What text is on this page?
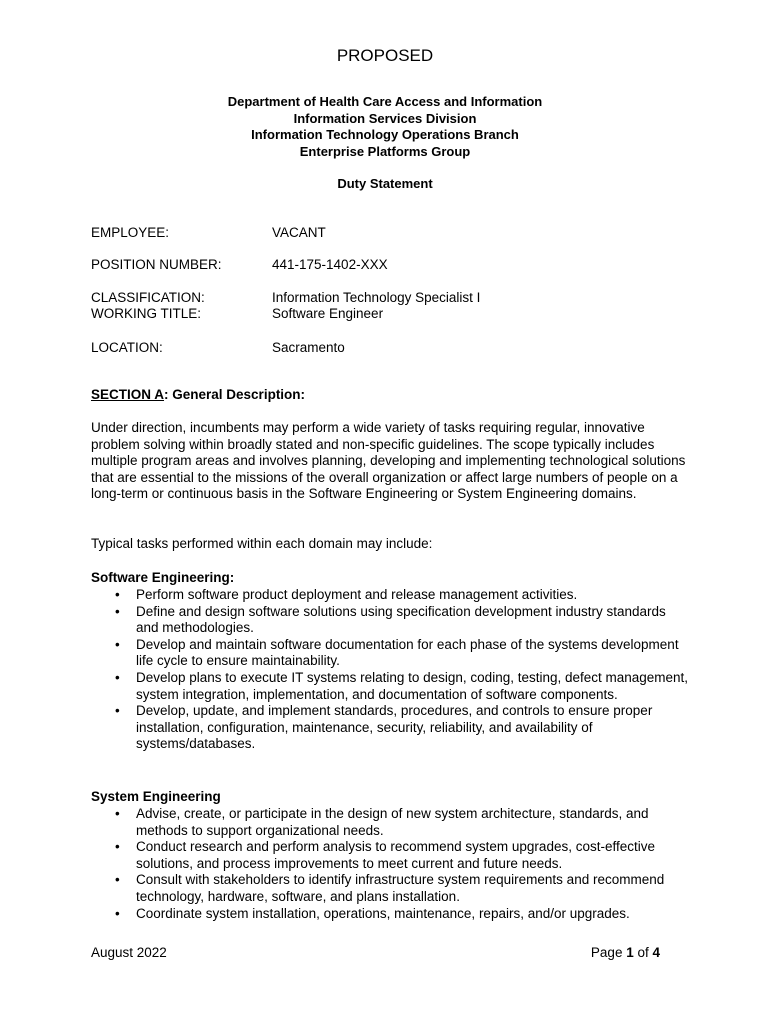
PROPOSED
Department of Health Care Access and Information
Information Services Division
Information Technology Operations Branch
Enterprise Platforms Group
Duty Statement
EMPLOYEE:	VACANT
POSITION NUMBER:	441-175-1402-XXX
CLASSIFICATION:	Information Technology Specialist I
WORKING TITLE:	Software Engineer
LOCATION:	Sacramento
SECTION A: General Description:
Under direction, incumbents may perform a wide variety of tasks requiring regular, innovative problem solving within broadly stated and non-specific guidelines. The scope typically includes multiple program areas and involves planning, developing and implementing technological solutions that are essential to the missions of the overall organization or affect large numbers of people on a long-term or continuous basis in the Software Engineering or System Engineering domains.
Typical tasks performed within each domain may include:
Software Engineering:
• Perform software product deployment and release management activities.
• Define and design software solutions using specification development industry standards and methodologies.
• Develop and maintain software documentation for each phase of the systems development life cycle to ensure maintainability.
• Develop plans to execute IT systems relating to design, coding, testing, defect management, system integration, implementation, and documentation of software components.
• Develop, update, and implement standards, procedures, and controls to ensure proper installation, configuration, maintenance, security, reliability, and availability of systems/databases.
System Engineering
• Advise, create, or participate in the design of new system architecture, standards, and methods to support organizational needs.
• Conduct research and perform analysis to recommend system upgrades, cost-effective solutions, and process improvements to meet current and future needs.
• Consult with stakeholders to identify infrastructure system requirements and recommend technology, hardware, software, and plans installation.
• Coordinate system installation, operations, maintenance, repairs, and/or upgrades.
August 2022	Page 1 of 4
